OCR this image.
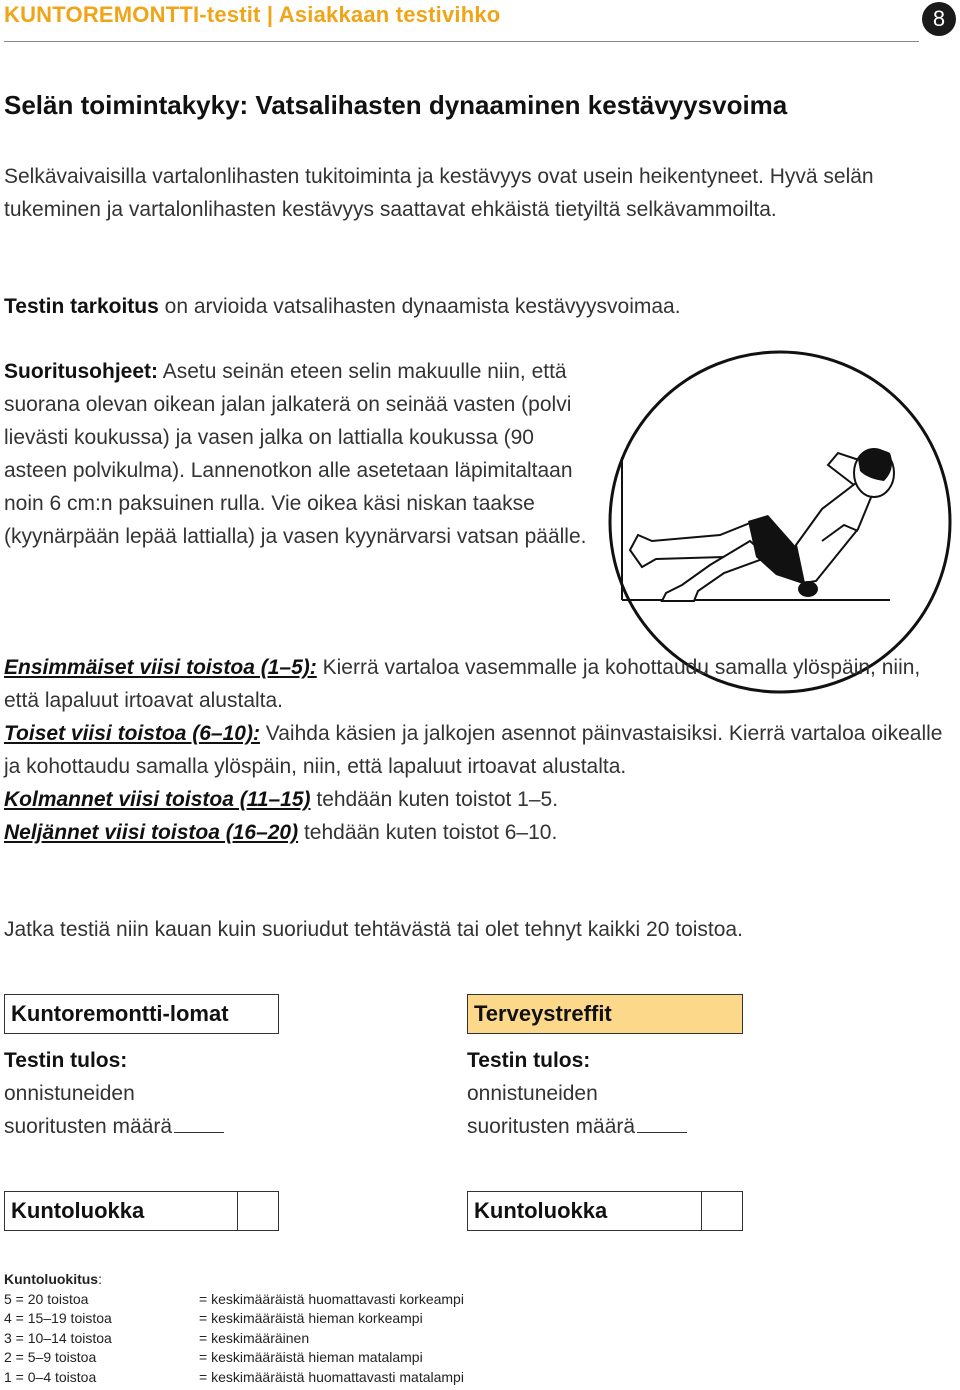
KUNTOREMONTTI-testit | Asiakkaan testivihko	8
Selän toimintakyky: Vatsalihasten dynaaminen kestävyysvoima
Selkävaivaisilla vartalonlihasten tukitoiminta ja kestävyys ovat usein heikentyneet. Hyvä selän tukeminen ja vartalonlihasten kestävyys saattavat ehkäistä tietyiltä selkävammoilta.
Testin tarkoitus on arvioida vatsalihasten dynaamista kestävyysvoimaa.
Suoritusohjeet: Asetu seinän eteen selin makuulle niin, että suorana olevan oikean jalan jalkaterä on seinää vasten (polvi lievästi koukussa) ja vasen jalka on lattialla koukussa (90 asteen polvikulma). Lannenotkon alle asetetaan läpimitaltaan noin 6 cm:n paksuinen rulla. Vie oikea käsi niskan taakse (kyynärpään lepää lattialla) ja vasen kyynärvarsi vatsan päälle.

Ensimmäiset viisi toistoa (1–5): Kierrä vartaloa vasemmalle ja kohottaudu samalla ylöspäin, niin, että lapaluut irtoavat alustalta.

Toiset viisi toistoa (6–10): Vaihda käsien ja jalkojen asennot päinvastaisiksi. Kierrä vartaloa oikealle ja kohottaudu samalla ylöspäin, niin, että lapaluut irtoavat alustalta.

Kolmannet viisi toistoa (11–15) tehdään kuten toistot 1–5.

Neljännet viisi toistoa (16–20) tehdään kuten toistot 6–10.

Jatka testiä niin kauan kuin suoriudut tehtävästä tai olet tehnyt kaikki 20 toistoa.
Kuntoremontti-lomat
Testin tulos:
onnistuneiden
suoritusten määrä
Kuntoluokka
Terveystreffit
Testin tulos:
onnistuneiden
suoritusten määrä
Kuntoluokka
Kuntoluokitus:
5 = 20 toistoa	= keskimääräistä huomattavasti korkeampi
4 = 15–19 toistoa	= keskimääräistä hieman korkeampi
3 = 10–14 toistoa	= keskimääräinen
2 = 5–9 toistoa	= keskimääräistä hieman matalampi
1 = 0–4 toistoa	= keskimääräistä huomattavasti matalampi
